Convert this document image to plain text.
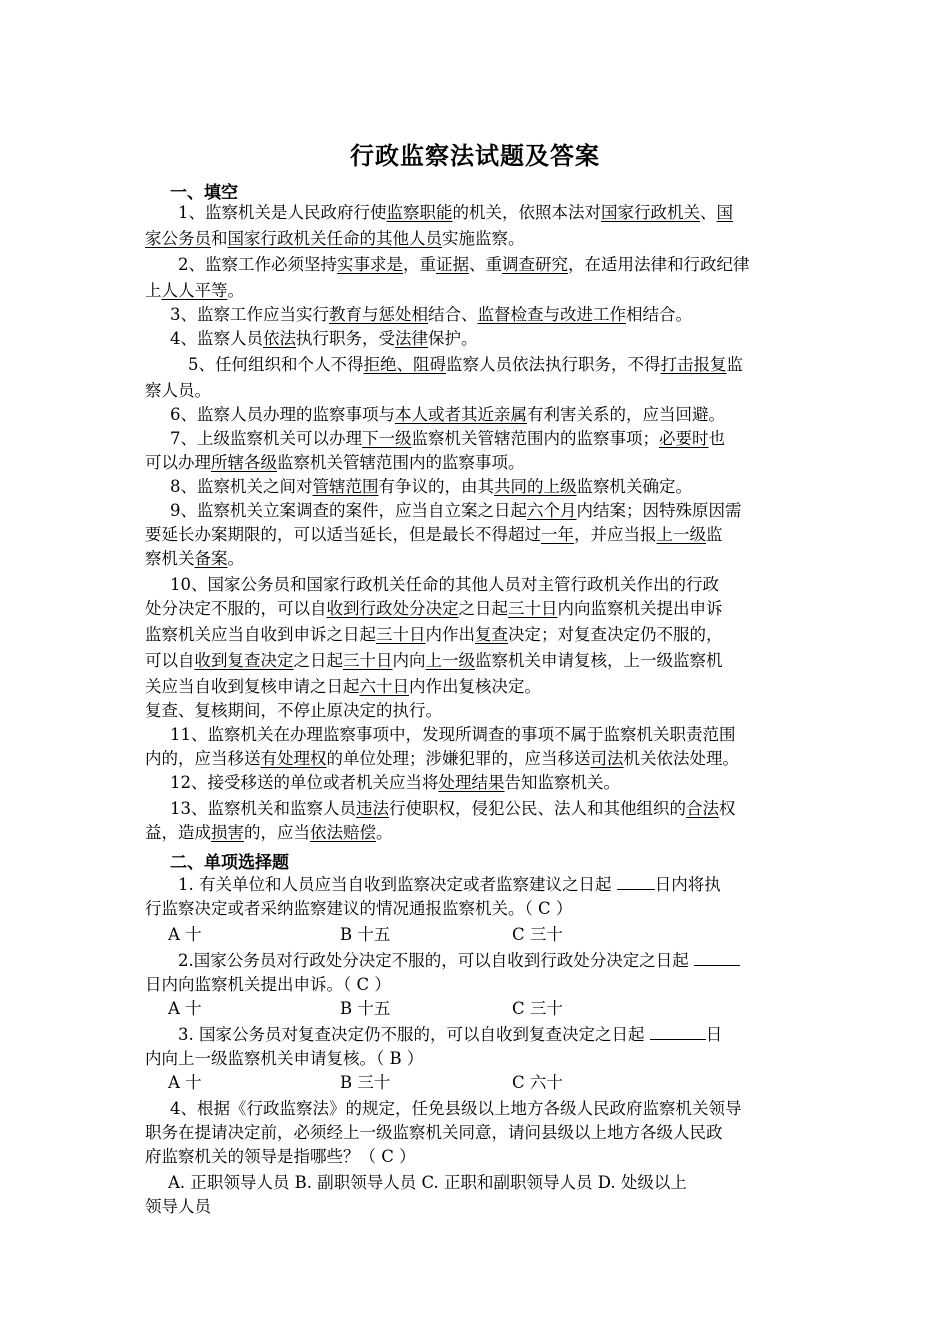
行政监察法试题及答案
一、填空
二、单项选择题
1、监察机关是人民政府行使监察职能的机关，依照本法对国家行政机关、国
家公务员和国家行政机关任命的其他人员实施监察。
2、监察工作必须坚持实事求是，重证据、重调查研究，在适用法律和行政纪律
上人人平等。
3、监察工作应当实行教育与惩处相结合、监督检查与改进工作相结合。
4、监察人员依法执行职务，受法律保护。
5、任何组织和个人不得拒绝、阻碍监察人员依法执行职务，不得打击报复监
察人员。
6、监察人员办理的监察事项与本人或者其近亲属有利害关系的，应当回避。
7、上级监察机关可以办理下一级监察机关管辖范围内的监察事项；必要时也
可以办理所辖各级监察机关管辖范围内的监察事项。
8、监察机关之间对管辖范围有争议的，由其共同的上级监察机关确定。
9、监察机关立案调查的案件，应当自立案之日起六个月内结案；因特殊原因需
要延长办案期限的，可以适当延长，但是最长不得超过一年，并应当报上一级监
察机关备案。
10、国家公务员和国家行政机关任命的其他人员对主管行政机关作出的行政
处分决定不服的，可以自收到行政处分决定之日起三十日内向监察机关提出申诉
监察机关应当自收到申诉之日起三十日内作出复查决定；对复查决定仍不服的，
可以自收到复查决定之日起三十日内向上一级监察机关申请复核，上一级监察机
关应当自收到复核申请之日起六十日内作出复核决定。
复查、复核期间，不停止原决定的执行。
11、监察机关在办理监察事项中，发现所调查的事项不属于监察机关职责范围
内的，应当移送有处理权的单位处理；涉嫌犯罪的，应当移送司法机关依法处理。
12、接受移送的单位或者机关应当将处理结果告知监察机关。
13、监察机关和监察人员违法行使职权，侵犯公民、法人和其他组织的合法权
益，造成损害的，应当依法赔偿。
1. 有关单位和人员应当自收到监察决定或者监察建议之日起 日内将执
行监察决定或者采纳监察建议的情况通报监察机关。（ C ）
A 十	B 十五	C 三十
2.国家公务员对行政处分决定不服的，可以自收到行政处分决定之日起
日内向监察机关提出申诉。（ C ）
A 十	B 十五	C 三十
3. 国家公务员对复查决定仍不服的，可以自收到复查决定之日起	日
内向上一级监察机关申请复核。（ B ）
A 十	B 三十	C 六十
4、根据《行政监察法》的规定，任免县级以上地方各级人民政府监察机关领导
职务在提请决定前，必须经上一级监察机关同意，请问县级以上地方各级人民政
府监察机关的领导是指哪些？（ C ）
A. 正职领导人员 B. 副职领导人员 C. 正职和副职领导人员 D. 处级以上
领导人员
